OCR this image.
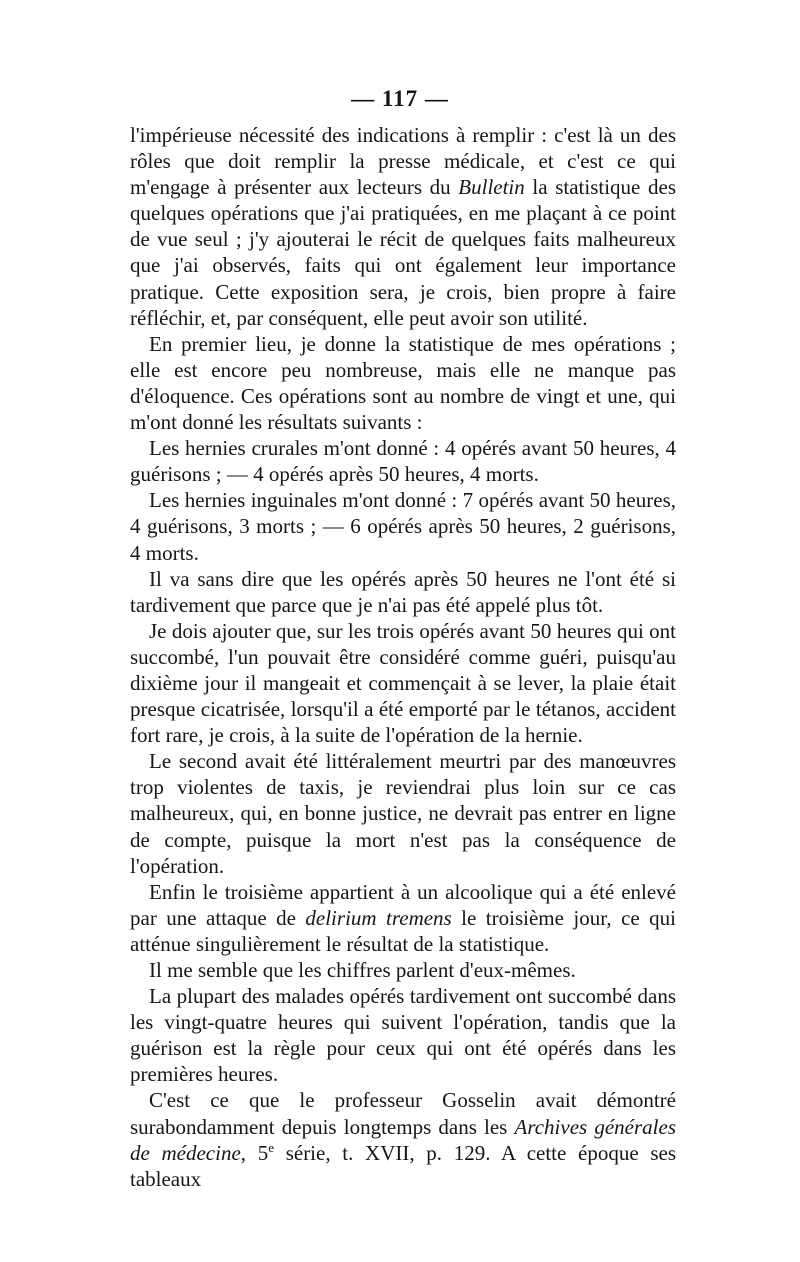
— 117 —

l'impérieuse nécessité des indications à remplir : c'est là un des rôles que doit remplir la presse médicale, et c'est ce qui m'engage à présenter aux lecteurs du Bulletin la statistique des quelques opérations que j'ai pratiquées, en me plaçant à ce point de vue seul ; j'y ajouterai le récit de quelques faits malheureux que j'ai observés, faits qui ont également leur importance pratique. Cette exposition sera, je crois, bien propre à faire réfléchir, et, par conséquent, elle peut avoir son utilité.

En premier lieu, je donne la statistique de mes opérations ; elle est encore peu nombreuse, mais elle ne manque pas d'éloquence. Ces opérations sont au nombre de vingt et une, qui m'ont donné les résultats suivants :

Les hernies crurales m'ont donné : 4 opérés avant 50 heures, 4 guérisons ; — 4 opérés après 50 heures, 4 morts.

Les hernies inguinales m'ont donné : 7 opérés avant 50 heures, 4 guérisons, 3 morts ; — 6 opérés après 50 heures, 2 guérisons, 4 morts.

Il va sans dire que les opérés après 50 heures ne l'ont été si tardivement que parce que je n'ai pas été appelé plus tôt.

Je dois ajouter que, sur les trois opérés avant 50 heures qui ont succombé, l'un pouvait être considéré comme guéri, puisqu'au dixième jour il mangeait et commençait à se lever, la plaie était presque cicatrisée, lorsqu'il a été emporté par le tétanos, accident fort rare, je crois, à la suite de l'opération de la hernie.

Le second avait été littéralement meurtri par des manœuvres trop violentes de taxis, je reviendrai plus loin sur ce cas malheureux, qui, en bonne justice, ne devrait pas entrer en ligne de compte, puisque la mort n'est pas la conséquence de l'opération.

Enfin le troisième appartient à un alcoolique qui a été enlevé par une attaque de delirium tremens le troisième jour, ce qui atténue singulièrement le résultat de la statistique.

Il me semble que les chiffres parlent d'eux-mêmes.

La plupart des malades opérés tardivement ont succombé dans les vingt-quatre heures qui suivent l'opération, tandis que la guérison est la règle pour ceux qui ont été opérés dans les premières heures.

C'est ce que le professeur Gosselin avait démontré surabondamment depuis longtemps dans les Archives générales de médecine, 5e série, t. XVII, p. 129. A cette époque ses tableaux
